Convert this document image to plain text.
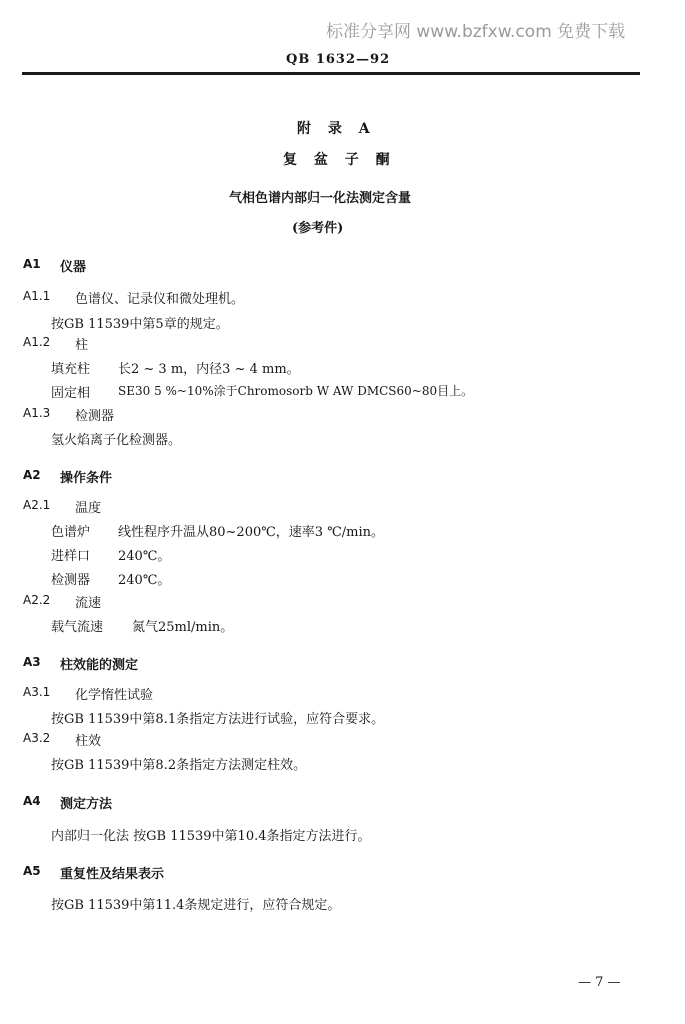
标准分享网 www.bzfxw.com 免费下载
QB 1632—92
附 录 A
复 盆 子 酮
气相色谱内部归一化法测定含量
(参考件)
A1 仪器
A1.1 色谱仪、记录仪和微处理机。
按GB 11539中第5章的规定。
A1.2 柱
填充柱 长2 ~ 3 m，内径3 ~ 4 mm。
固定相 SE30 5 %~10%涂于Chromosorb W AW DMCS60~80目上。
A1.3 检测器
氢火焰离子化检测器。
A2 操作条件
A2.1 温度
色谱炉 线性程序升温从80~200℃，速率3 ℃/min。
进样口 240℃。
检测器 240℃。
A2.2 流速
载气流速 氮气25ml/min。
A3 柱效能的测定
A3.1 化学惰性试验
按GB 11539中第8.1条指定方法进行试验，应符合要求。
A3.2 柱效
按GB 11539中第8.2条指定方法测定柱效。
A4 测定方法
内部归一化法 按GB 11539中第10.4条指定方法进行。
A5 重复性及结果表示
按GB 11539中第11.4条规定进行，应符合规定。
— 7 —
